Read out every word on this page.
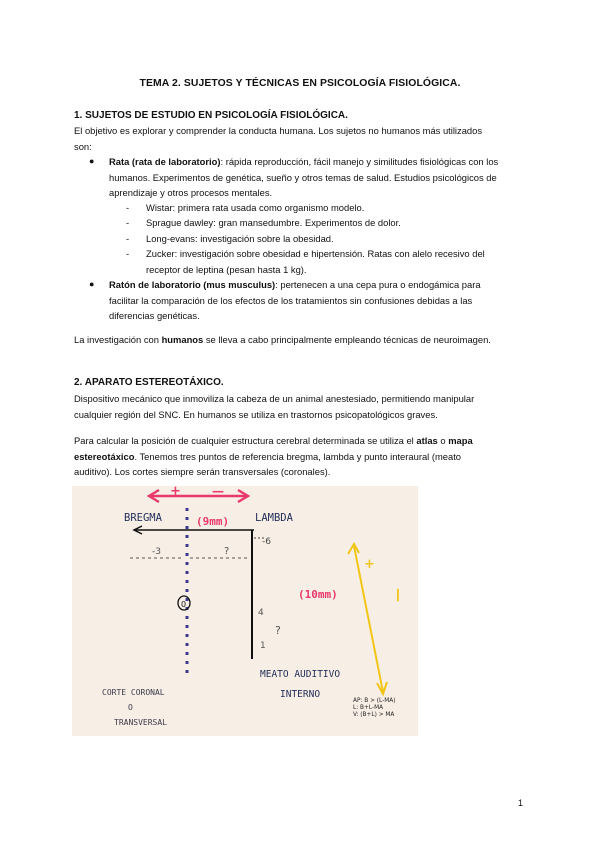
TEMA 2. SUJETOS Y TÉCNICAS EN PSICOLOGÍA FISIOLÓGICA.
1. SUJETOS DE ESTUDIO EN PSICOLOGÍA FISIOLÓGICA.
El objetivo es explorar y comprender la conducta humana. Los sujetos no humanos más utilizados
son:
● Rata (rata de laboratorio): rápida reproducción, fácil manejo y similitudes fisiológicas con los
humanos. Experimentos de genética, sueño y otros temas de salud. Estudios psicológicos de
aprendizaje y otros procesos mentales.
- Wistar: primera rata usada como organismo modelo.
- Sprague dawley: gran mansedumbre. Experimentos de dolor.
- Long-evans: investigación sobre la obesidad.
- Zucker: investigación sobre obesidad e hipertensión. Ratas con alelo recesivo del
receptor de leptina (pesan hasta 1 kg).
● Ratón de laboratorio (mus musculus): pertenecen a una cepa pura o endogámica para
facilitar la comparación de los efectos de los tratamientos sin confusiones debidas a las
diferencias genéticas.
La investigación con humanos se lleva a cabo principalmente empleando técnicas de neuroimagen.
2. APARATO ESTEREOTÁXICO.
Dispositivo mecánico que inmoviliza la cabeza de un animal anestesiado, permitiendo manipular
cualquier región del SNC. En humanos se utiliza en trastornos psicopatológicos graves.
Para calcular la posición de cualquier estructura cerebral determinada se utiliza el atlas o mapa
estereotáxico. Tenemos tres puntos de referencia bregma, lambda y punto interaural (meato
auditivo). Los cortes siempre serán transversales (coronales).
+	—
BREGMA	LAMBDA
(9mm)
-3	?
-6
4
?
1
0
(10mm)
+
—
MEATO AUDITIVO
INTERNO
CORTE CORONAL
O
TRANSVERSAL
AP: B > (L-MA)
L: B+L-MA
V: (B+L) > MA
1
